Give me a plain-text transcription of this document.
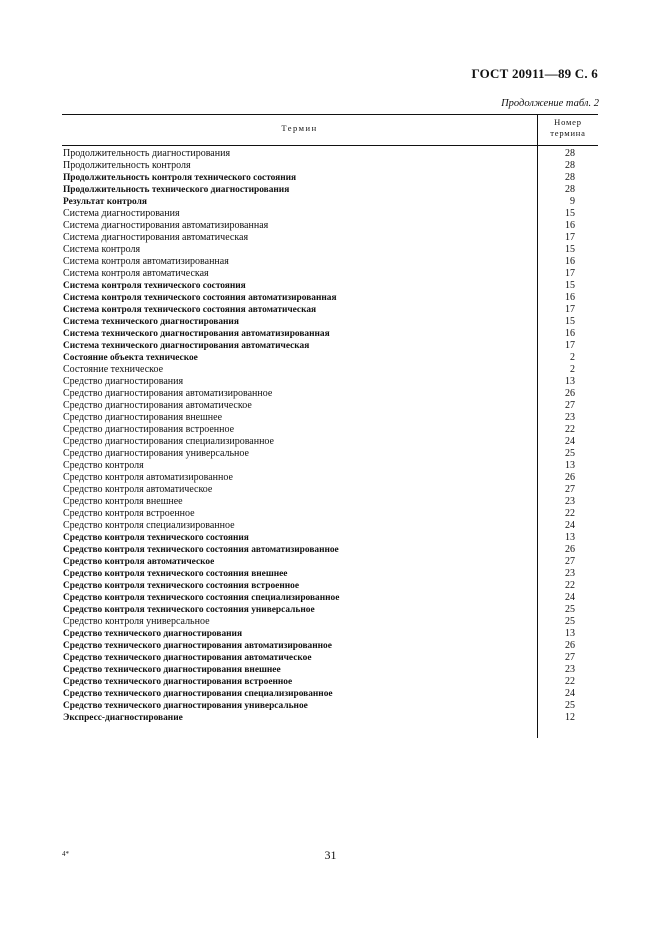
ГОСТ 20911—89 С. 6
Продолжение табл. 2
Термин
Номер
термина
Продолжительность диагностирования	28
Продолжительность контроля	28
Продолжительность контроля технического состояния	28
Продолжительность технического диагностирования	28
Результат контроля	9
Система диагностирования	15
Система диагностирования автоматизированная	16
Система диагностирования автоматическая	17
Система контроля	15
Система контроля автоматизированная	16
Система контроля автоматическая	17
Система контроля технического состояния	15
Система контроля технического состояния автоматизированная	16
Система контроля технического состояния автоматическая	17
Система технического диагностирования	15
Система технического диагностирования автоматизированная	16
Система технического диагностирования автоматическая	17
Состояние объекта техническое	2
Состояние техническое	2
Средство диагностирования	13
Средство диагностирования автоматизированное	26
Средство диагностирования автоматическое	27
Средство диагностирования внешнее	23
Средство диагностирования встроенное	22
Средство диагностирования специализированное	24
Средство диагностирования универсальное	25
Средство контроля	13
Средство контроля автоматизированное	26
Средство контроля автоматическое	27
Средство контроля внешнее	23
Средство контроля встроенное	22
Средство контроля специализированное	24
Средство контроля технического состояния	13
Средство контроля технического состояния автоматизированное	26
Средство контроля автоматическое	27
Средство контроля технического состояния внешнее	23
Средство контроля технического состояния встроенное	22
Средство контроля технического состояния специализированное	24
Средство контроля технического состояния универсальное	25
Средство контроля универсальное	25
Средство технического диагностирования	13
Средство технического диагностирования автоматизированное	26
Средство технического диагностирования автоматическое	27
Средство технического диагностирования внешнее	23
Средство технического диагностирования встроенное	22
Средство технического диагностирования специализированное	24
Средство технического диагностирования универсальное	25
Экспресс-диагностирование	12
4*	31
